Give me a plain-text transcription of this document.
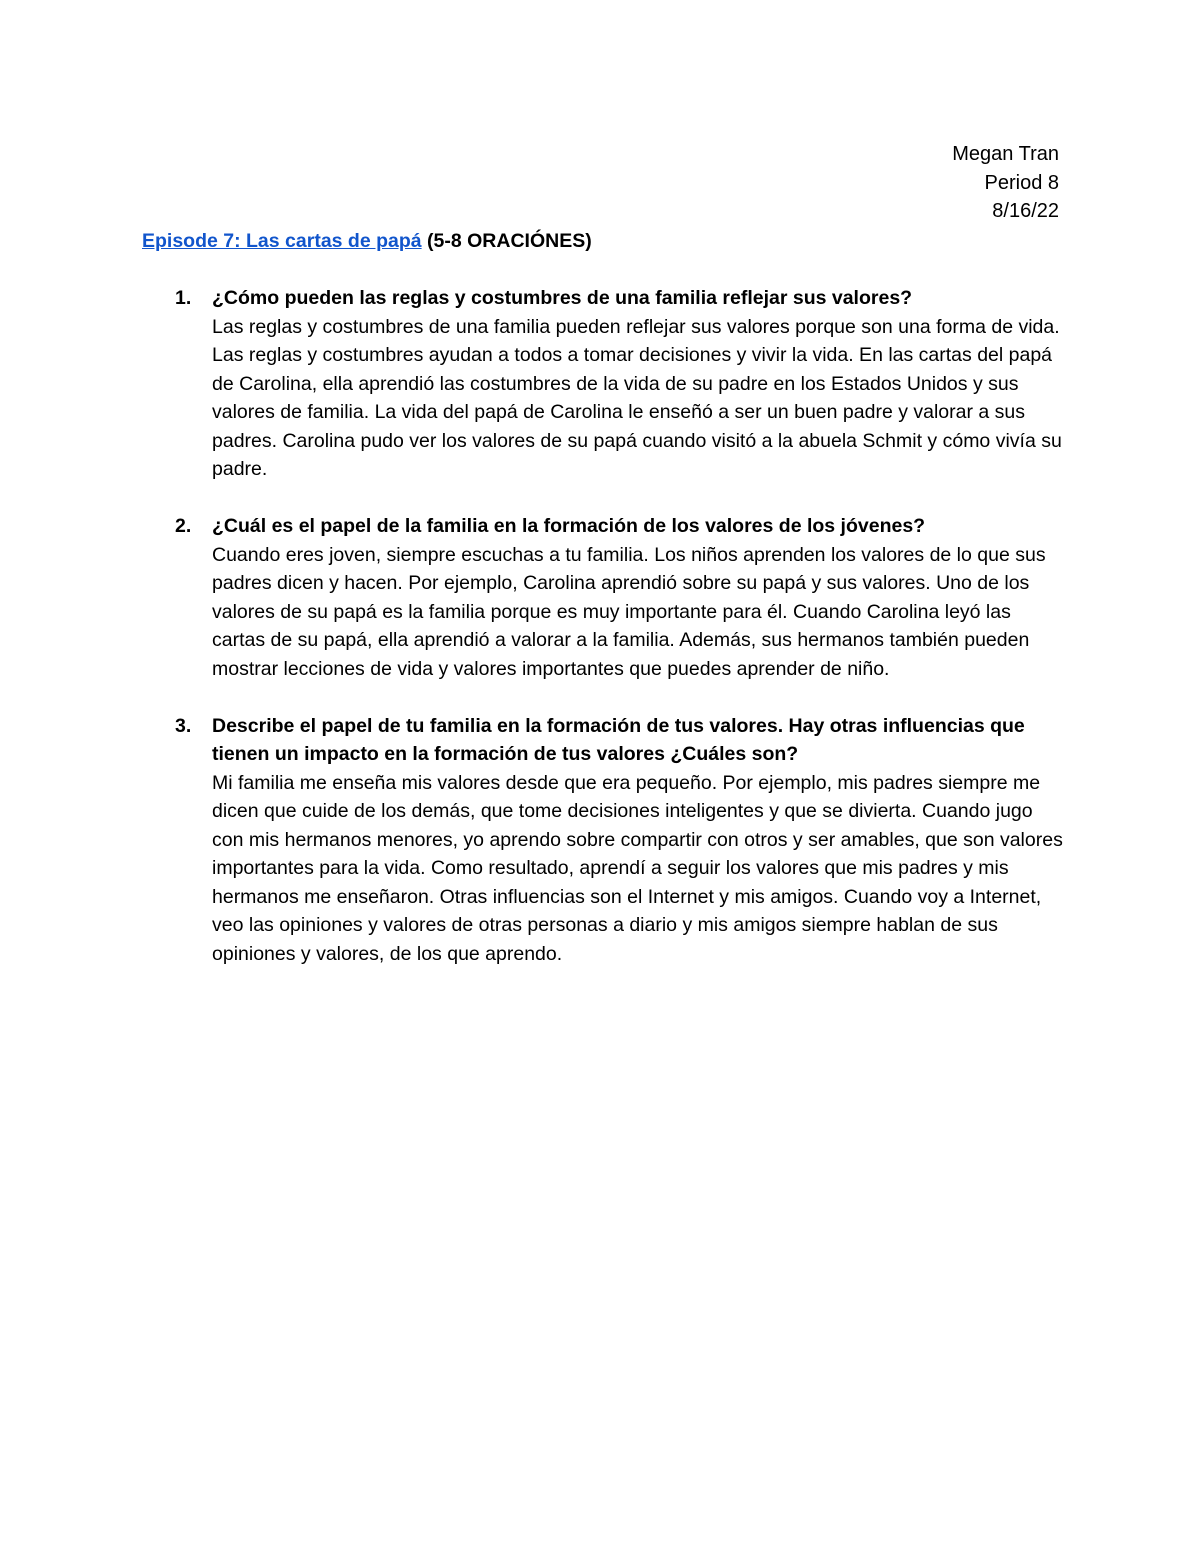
Megan Tran
Period 8
8/16/22
Episode 7: Las cartas de papá (5-8 ORACIÓNES)
1. ¿Cómo pueden las reglas y costumbres de una familia reflejar sus valores?
Las reglas y costumbres de una familia pueden reflejar sus valores porque son una forma de vida. Las reglas y costumbres ayudan a todos a tomar decisiones y vivir la vida. En las cartas del papá de Carolina, ella aprendió las costumbres de la vida de su padre en los Estados Unidos y sus valores de familia. La vida del papá de Carolina le enseñó a ser un buen padre y valorar a sus padres. Carolina pudo ver los valores de su papá cuando visitó a la abuela Schmit y cómo vivía su padre.
2. ¿Cuál es el papel de la familia en la formación de los valores de los jóvenes?
Cuando eres joven, siempre escuchas a tu familia. Los niños aprenden los valores de lo que sus padres dicen y hacen. Por ejemplo, Carolina aprendió sobre su papá y sus valores. Uno de los valores de su papá es la familia porque es muy importante para él. Cuando Carolina leyó las cartas de su papá, ella aprendió a valorar a la familia. Además, sus hermanos también pueden mostrar lecciones de vida y valores importantes que puedes aprender de niño.
3. Describe el papel de tu familia en la formación de tus valores. Hay otras influencias que tienen un impacto en la formación de tus valores ¿Cuáles son?
Mi familia me enseña mis valores desde que era pequeño. Por ejemplo, mis padres siempre me dicen que cuide de los demás, que tome decisiones inteligentes y que se divierta. Cuando jugo con mis hermanos menores, yo aprendo sobre compartir con otros y ser amables, que son valores importantes para la vida. Como resultado, aprendí a seguir los valores que mis padres y mis hermanos me enseñaron. Otras influencias son el Internet y mis amigos. Cuando voy a Internet, veo las opiniones y valores de otras personas a diario y mis amigos siempre hablan de sus opiniones y valores, de los que aprendo.
